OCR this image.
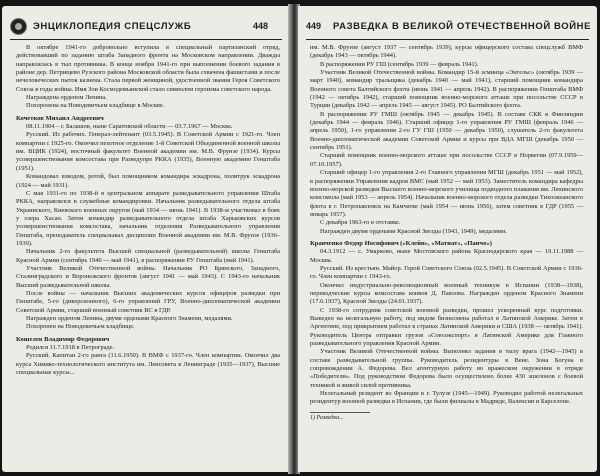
ЭНЦИКЛОПЕДИЯ СПЕЦСЛУЖБ	448

В октябре 1941-го добровольно вступила в специальный партизанский отряд, действовавший по заданию штаба Западного фронта на Московском направлении. Дважды направлялась в тыл противника. В конце ноября 1941-го при выполнении боевого задания в районе дер. Петрищево Рузского района Московской области была схвачена фашистами и после нечеловеческих пыток казнена. Стала первой женщиной, удостоенной звания Героя Советского Союза в годы войны. Имя Зои Космодемьянской стало символом героизма советского народа.

Награждена орденом Ленина.

Похоронена на Новодевичьем кладбище в Москве.

Кочетков Михаил Андреевич

08.11.1904 – г. Балашов, ныне Саратовской области — 03.7.1967 — Москва.

Русский. Из рабочих. Генерал-лейтенант (03.5.1945). В Советской Армии с 1921-го. Член компартии с 1925-го. Окончил пехотное отделение 1-й Советской Объединенной военной школы им. ВЦИК (1924), восточный факультет Военной академии им. М.В. Фрунзе (1934). Курсы усовершенствования комсостава при Разведупре РККА (1935), Военную академию Генштаба (1951).

Командовал взводом, ротой, был помощником командира эскадрона, политрук эскадрона (1924 — май 1931).

С мая 1931-го по 1938-й в центральном аппарате разведывательного управления Штаба РККА, направлялся в служебные командировки. Начальник разведывательного отдела штаба Украинского, Киевского военных округов (май 1934 — июнь 1941). В 1938-м участвовал в боях у озера Хасан. Затем командир разведывательного отдела штаба Харьковских курсов усовершенствования комсостава, начальник отделения Разведывательного управления Генштаба, преподаватель специальных дисциплин Военной академии им. М.В. Фрунзе (1936–1939).

Начальник 2-го факультета Высшей специальной (разведывательной) школы Генштаба Красной Армии (сентябрь 1940 — май 1941), в распоряжении РУ Генштаба (май 1941).

Участник Великой Отечественной войны. Начальник РО Брянского, Западного, Сталинградского и Воронежского фронтов (август 1941 — май 1943). С 1943-го начальник Высшей разведывательной школы.

После войны — начальник Высших академических курсов офицеров разведки при Генштабе, 5-го (диверсионного), 6-го управлений ГРУ, Военно-дипломатической академии Советской Армии, старший военный советник ВС в ГДР.

Награжден орденом Ленина, двумя орденами Красного Знамени, медалями.

Похоронен на Новодевичьем кладбище.

Кошелев Владимир Федорович

Родился 11.7.1918 в Петрограде.

Русский. Капитан 2-го ранга (11.6.1950). В ВМФ с 1937-го. Член компартии. Окончил два курса Химико-технологического института им. Ленсовета в Ленинграде (1935—1937), Высшие специальные курсы...

449 РАЗВЕДКА В ВЕЛИКОЙ ОТЕЧЕСТВЕННОЙ ВОЙНЕ

им. М.В. Фрунзе (август 1937 — сентябрь 1939), курсы офицерского состава спецслужб ВМФ (декабрь 1943 — октябрь 1944).

В распоряжении РУ ГШ (сентябрь 1939 — февраль 1941).

Участник Великой Отечественной войны. Командир 15-й эсминца «Энгельс» (октябрь 1939 — март 1940), командир тральщика (декабрь 1940 — май 1941), старший помощник командира Военного совета Балтийского флота (июнь 1941 — апрель 1942). В распоряжении Генштаба ВМФ (1942 — октябрь 1942), старший помощник военно-морского атташе при посольстве СССР в Турции (декабрь 1942 — апрель 1945 — август 1945). РО Балтийского флота.

В распоряжении РУ ГМШ (октябрь 1945 — декабрь 1945). В составе СКК в Финляндии (декабрь 1944 — февраль 1946). Старший офицер 1-го управления РУ ГМШ (февраль 1946 — апрель 1950), 1-го управления 2-го ГУ ГШ (1950 — декабрь 1950), слушатель 2-го факультета Военно-дипломатической академии Советской Армии и курсы при ВДА МГШ (декабрь 1950 — сентябрь 1951).

Старший помощник военно-морского атташе при посольстве СССР в Норвегии (07.9.1959—07.10.1957).

Старший офицер 1-го управления 2-го Главного управления МГШ (декабрь 1951 — май 1952), в распоряжении Управления кадров ВМС (май 1952 — май 1953). Заместитель командира кафедры военно-морской разведки Высшего военно-морского училища подводного плавания им. Ленинского комсомола (май 1953 — апрель 1954). Начальник военно-морского отдела разведки Тихоокеанского флота в г. Петропавловск на Камчатке (май 1954 — июнь 1956), затем советник в ГДР (1955 — январь 1957).

С декабря 1963-го в отставке.

Награжден двумя орденами Красной Звезды (1943, 1949), медалями.

Кравченко Федор Иосифович («Клейн», «Матиат», «Панчо»)

04.3.1912 — с. Умарково, ныне Мостовского района Краснодарского края — 19.11.1988 — Москва.

Русский. Из крестьян. Майор. Герой Советского Союза (02.5.1945). В Советской Армии с 1936-го. Член компартии с 1943-го.

Окончил индустриально-революционный военный техникум в Испании (1938—1938), переводческие курсы комсостава конвоя Д. Павлова. Награжден орденом Красного Знамени (17.6.1937), Красной Звезды (24.01.1937).

С 1938-го сотрудник советской военной разведки, прошел ускоренный курс подготовки. Выведен на нелегальную работу, под видом бизнесмена работал в Латинской Америке. Затем в Аргентине, под прикрытием работал в странах Латинской Америки и США (1938 — октябрь 1941). Руководитель Центра отправки грузов «Союзэкспорт» в Латинской Америке для Главного разведывательного управления Красной Армии.

Участник Великой Отечественной войны. Выполнял задания в тылу врага (1942—1945) в составе разведывательной группы. Руководитель резидентуры в Вене. Зона Богуна в сопровождении А. Федорова. Вел агентурную работу во вражеском окружении в отряде «Победители». Под руководством Федорова было осуществлено более 430 эшелонов с боевой техникой и живой силой противника.

Нелегальный резидент во Франции в г. Тулузе (1945—1949). Руководил работой нелегальных резидентур военной разведки в Испании, где были филиалы в Мадриде, Валенсии и Барселоне.

1) Разведка...
